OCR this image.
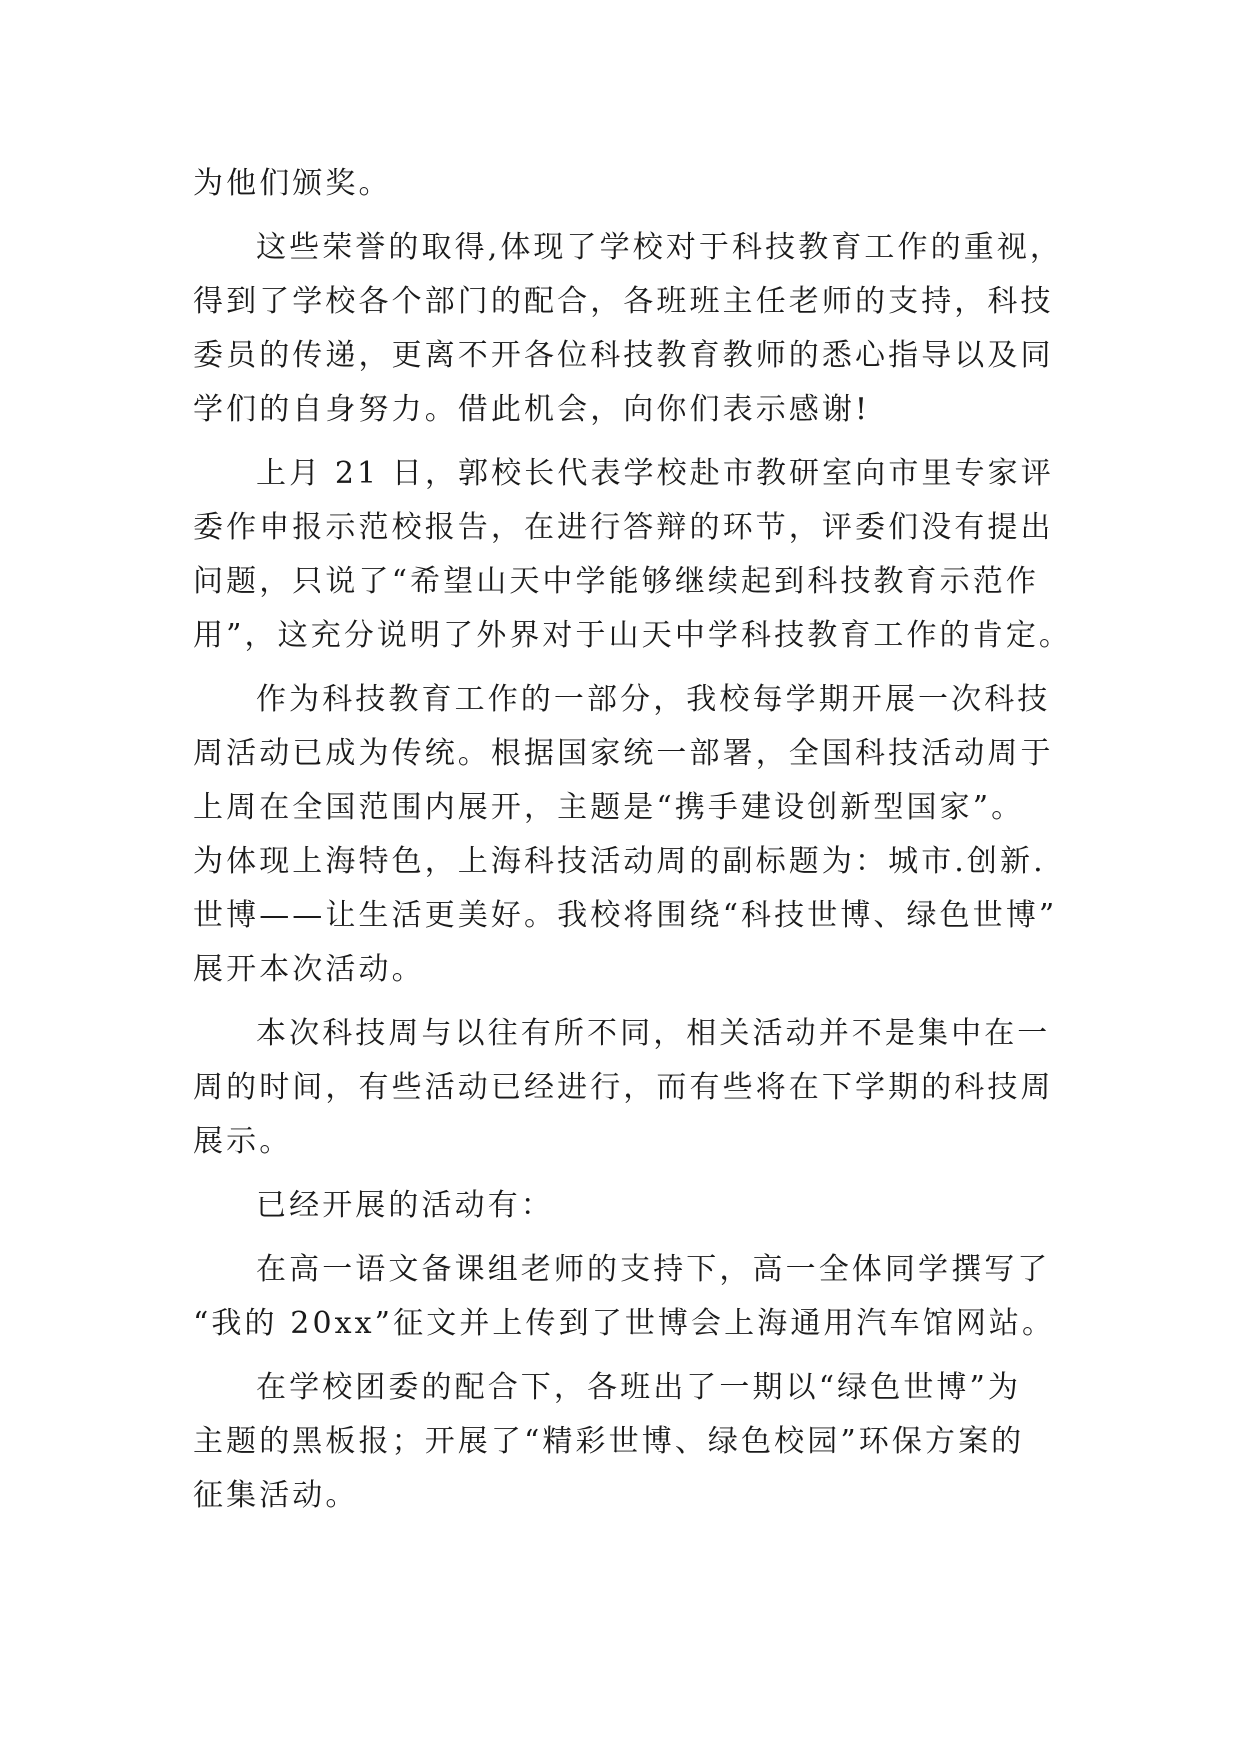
为他们颁奖。

这些荣誉的取得,体现了学校对于科技教育工作的重视，

得到了学校各个部门的配合，各班班主任老师的支持，科技

委员的传递，更离不开各位科技教育教师的悉心指导以及同

学们的自身努力。借此机会，向你们表示感谢!

上月 21 日，郭校长代表学校赴市教研室向市里专家评

委作申报示范校报告，在进行答辩的环节，评委们没有提出

问题，只说了“希望山天中学能够继续起到科技教育示范作

用”，这充分说明了外界对于山天中学科技教育工作的肯定。

作为科技教育工作的一部分，我校每学期开展一次科技

周活动已成为传统。根据国家统一部署，全国科技活动周于

上周在全国范围内展开，主题是“携手建设创新型国家”。

为体现上海特色，上海科技活动周的副标题为：城市.创新.

世博——让生活更美好。我校将围绕“科技世博、绿色世博”

展开本次活动。

本次科技周与以往有所不同，相关活动并不是集中在一

周的时间，有些活动已经进行，而有些将在下学期的科技周

展示。

已经开展的活动有：

在高一语文备课组老师的支持下，高一全体同学撰写了

“我的 20xx”征文并上传到了世博会上海通用汽车馆网站。

在学校团委的配合下，各班出了一期以“绿色世博”为

主题的黑板报；开展了“精彩世博、绿色校园”环保方案的

征集活动。
